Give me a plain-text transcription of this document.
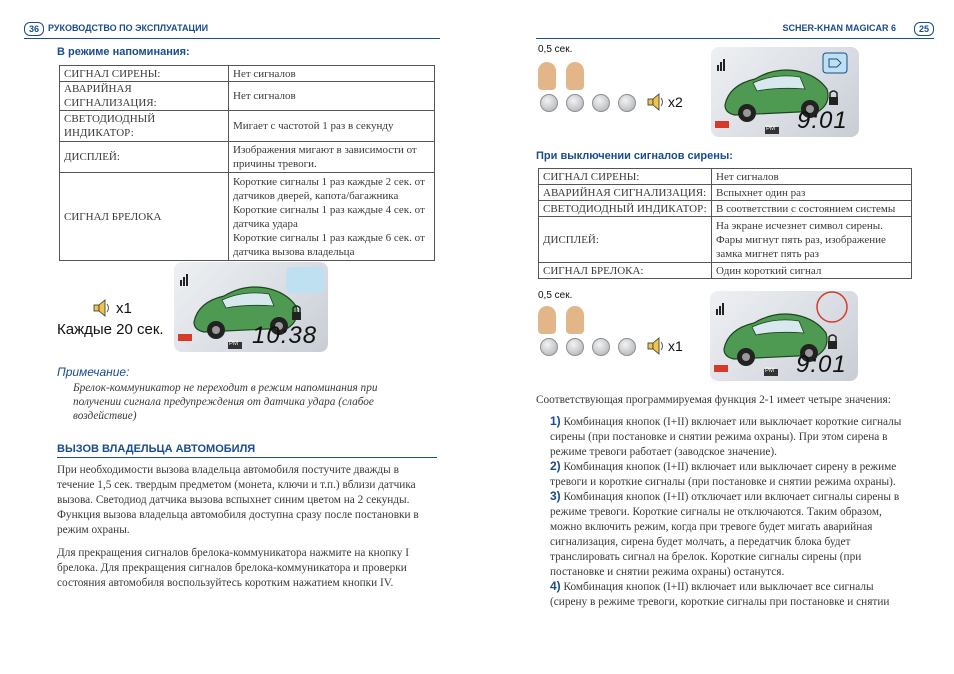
36	РУКОВОДСТВО ПО ЭКСПЛУАТАЦИИ	SCHER-KHAN MAGICAR 6	25
В режиме напоминания:
СИГНАЛ СИРЕНЫ:	Нет сигналов
АВАРИЙНАЯ СИГНАЛИЗАЦИЯ:	Нет сигналов
СВЕТОДИОДНЫЙ ИНДИКАТОР:	Мигает с частотой 1 раз в секунду
ДИСПЛЕЙ:	Изображения мигают в зависимости от причины тревоги.
СИГНАЛ БРЕЛОКА	Короткие сигналы 1 раз каждые 2 сек. от датчиков дверей, капота/багажника
Короткие сигналы 1 раз каждые 4 сек. от датчика удара
Короткие сигналы 1 раз каждые 6 сек. от датчика вызова владельца
x1
Каждые 20 сек.
PM 10:38
Примечание:
Брелок-коммуникатор не переходит в режим напоминания при получении сигнала предупреждения от датчика удара (слабое воздействие)
ВЫЗОВ ВЛАДЕЛЬЦА АВТОМОБИЛЯ
При необходимости вызова владельца автомобиля постучите дважды в течение 1,5 сек. твердым предметом (монета, ключи и т.п.) вблизи датчика вызова. Светодиод датчика вызова вспыхнет синим цветом на 2 секунды. Функция вызова владельца автомобиля доступна сразу после постановки в режим охраны.
Для прекращения сигналов брелока-коммуникатора нажмите на кнопку I брелока. Для прекращения сигналов брелока-коммуникатора и проверки состояния автомобиля воспользуйтесь коротким нажатием кнопки IV.
0,5 сек.
x2
PM 9:01
При выключении сигналов сирены:
СИГНАЛ СИРЕНЫ:	Нет сигналов
АВАРИЙНАЯ СИГНАЛИЗАЦИЯ:	Вспыхнет один раз
СВЕТОДИОДНЫЙ ИНДИКАТОР:	В соответствии с состоянием системы
ДИСПЛЕЙ:	На экране исчезнет символ сирены. Фары мигнут пять раз, изображение замка мигнет пять раз
СИГНАЛ БРЕЛОКА:	Один короткий сигнал
0,5 сек.
x1
PM 9:01
Соответствующая программируемая функция 2-1 имеет четыре значения:
1) Комбинация кнопок (I+II) включает или выключает короткие сигналы сирены (при постановке и снятии режима охраны). При этом сирена в режиме тревоги работает (заводское значение).
2) Комбинация кнопок (I+II) включает или выключает сирену в режиме тревоги и короткие сигналы (при постановке и снятии режима охраны).
3) Комбинация кнопок (I+II) отключает или включает сигналы сирены в режиме тревоги. Короткие сигналы не отключаются. Таким образом, можно включить режим, когда при тревоге будет мигать аварийная сигнализация, сирена будет молчать, а передатчик блока будет транслировать сигнал на брелок. Короткие сигналы сирены (при постановке и снятии режима охраны) останутся.
4) Комбинация кнопок (I+II) включает или выключает все сигналы (сирену в режиме тревоги, короткие сигналы при постановке и снятии
